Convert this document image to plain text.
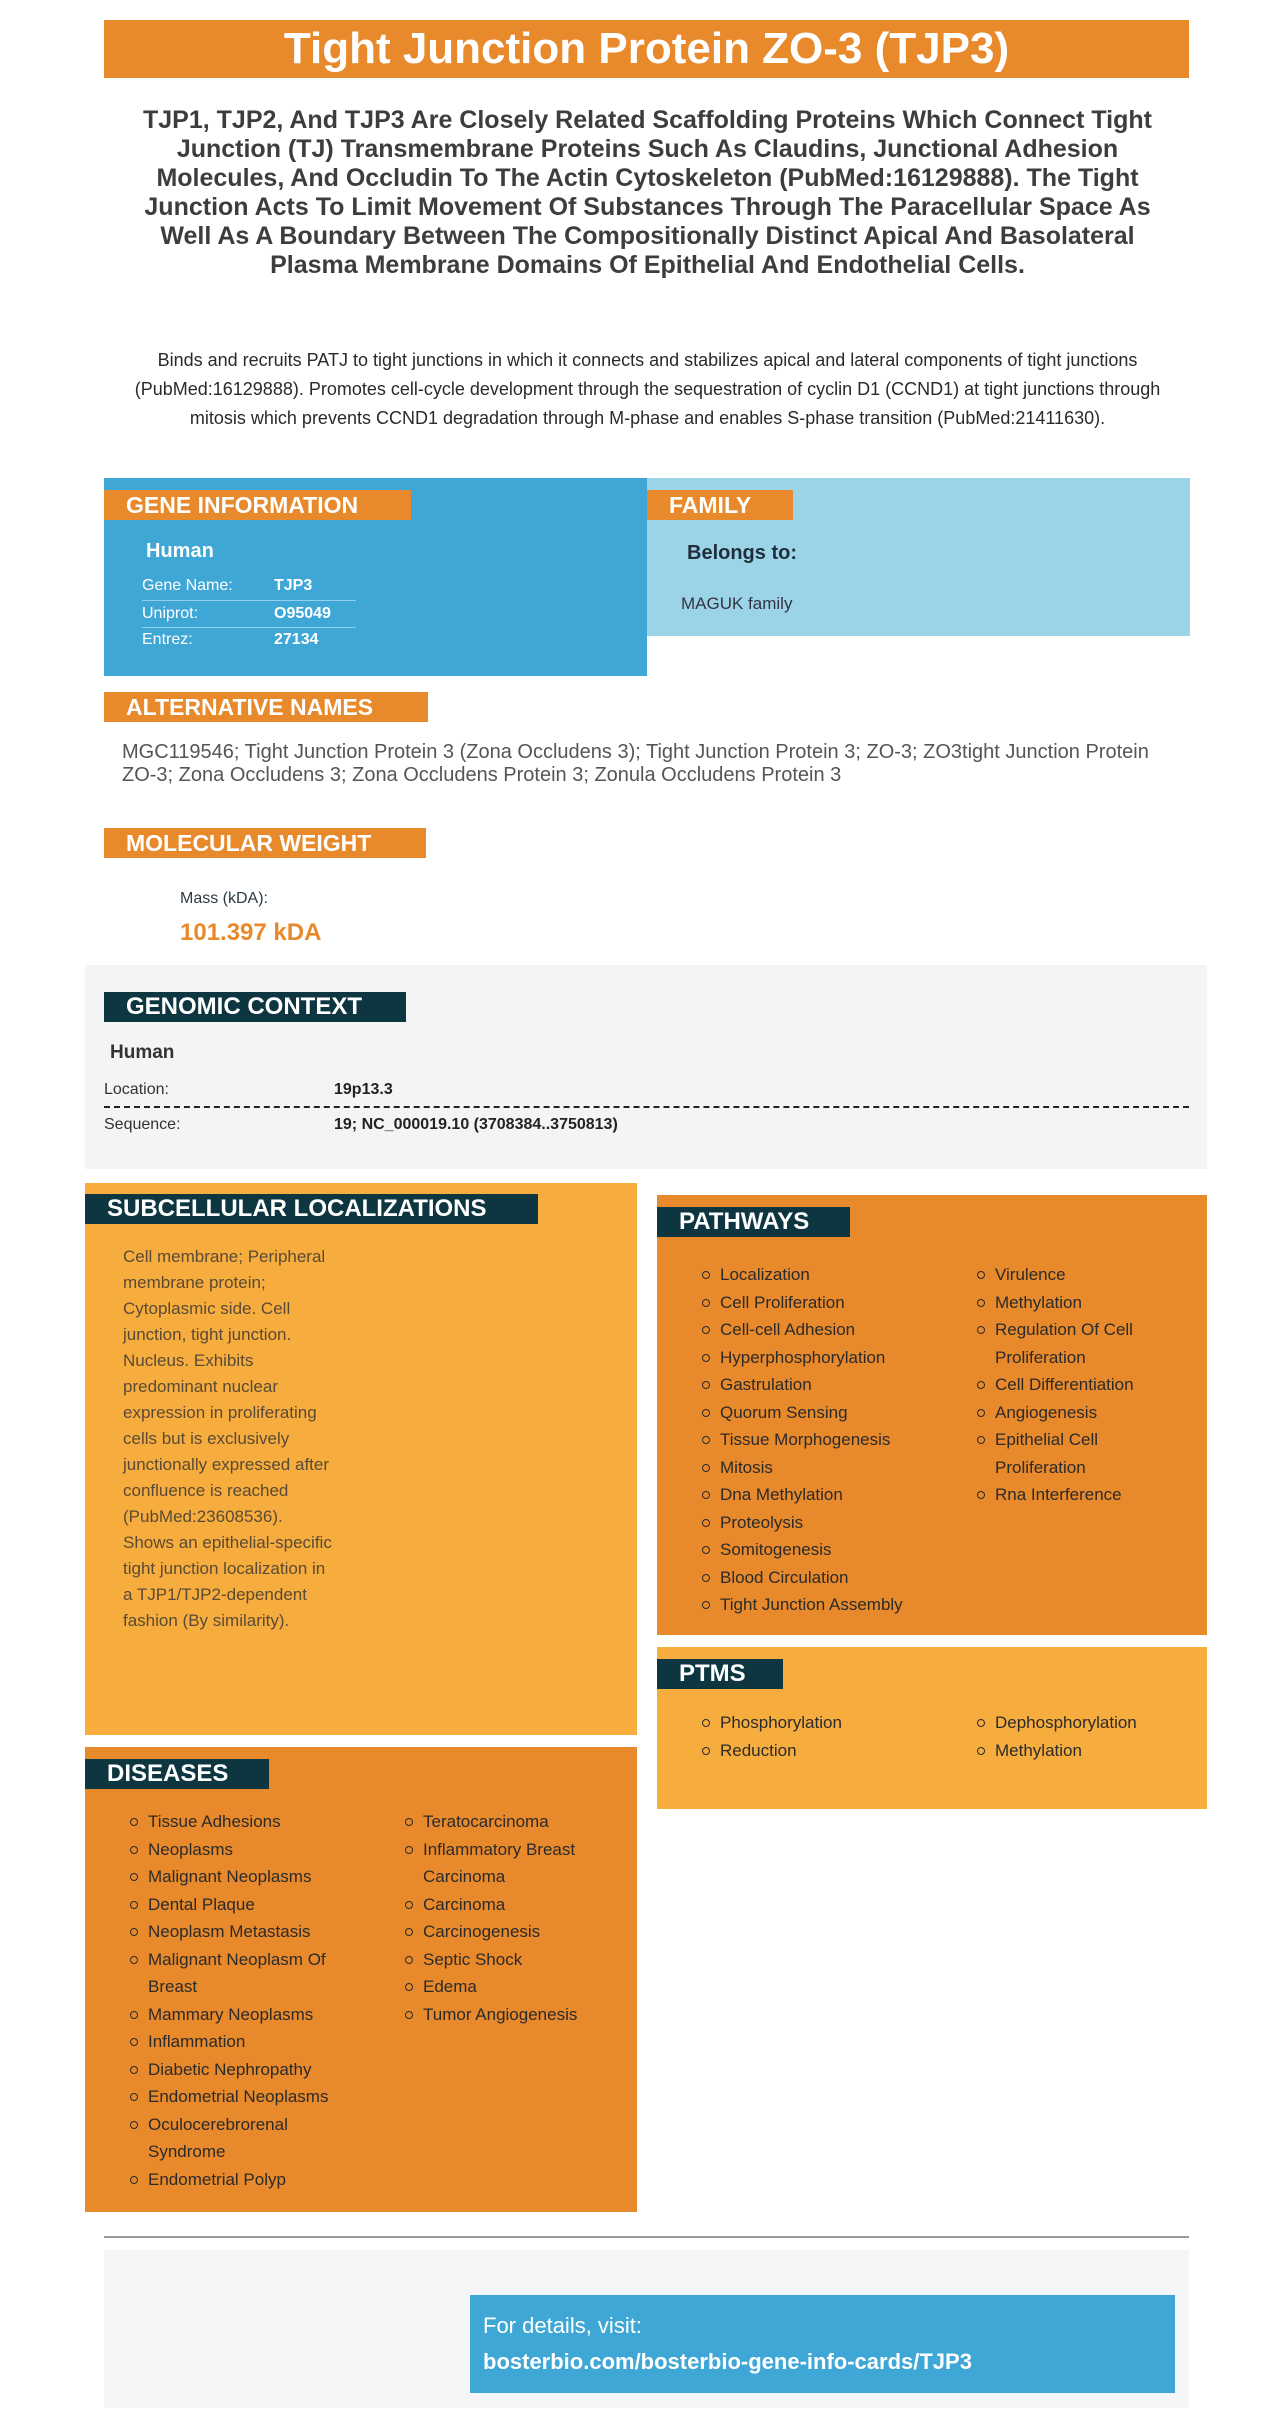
Tight Junction Protein ZO-3 (TJP3)
TJP1, TJP2, And TJP3 Are Closely Related Scaffolding Proteins Which Connect Tight Junction (TJ) Transmembrane Proteins Such As Claudins, Junctional Adhesion Molecules, And Occludin To The Actin Cytoskeleton (PubMed:16129888). The Tight Junction Acts To Limit Movement Of Substances Through The Paracellular Space As Well As A Boundary Between The Compositionally Distinct Apical And Basolateral Plasma Membrane Domains Of Epithelial And Endothelial Cells.
Binds and recruits PATJ to tight junctions in which it connects and stabilizes apical and lateral components of tight junctions (PubMed:16129888). Promotes cell-cycle development through the sequestration of cyclin D1 (CCND1) at tight junctions through mitosis which prevents CCND1 degradation through M-phase and enables S-phase transition (PubMed:21411630).
GENE INFORMATION
Human
Gene Name:	TJP3
Uniprot:	O95049
Entrez:	27134
FAMILY
Belongs to:
MAGUK family
ALTERNATIVE NAMES
MGC119546; Tight Junction Protein 3 (Zona Occludens 3); Tight Junction Protein 3; ZO-3; ZO3tight Junction Protein ZO-3; Zona Occludens 3; Zona Occludens Protein 3; Zonula Occludens Protein 3
MOLECULAR WEIGHT
Mass (kDA):
101.397 kDA
GENOMIC CONTEXT
Human
Location:	19p13.3
Sequence:	19; NC_000019.10 (3708384..3750813)
SUBCELLULAR LOCALIZATIONS
Cell membrane; Peripheral membrane protein; Cytoplasmic side. Cell junction, tight junction. Nucleus. Exhibits predominant nuclear expression in proliferating cells but is exclusively junctionally expressed after confluence is reached (PubMed:23608536). Shows an epithelial-specific tight junction localization in a TJP1/TJP2-dependent fashion (By similarity).
PATHWAYS
Localization
Cell Proliferation
Cell-cell Adhesion
Hyperphosphorylation
Gastrulation
Quorum Sensing
Tissue Morphogenesis
Mitosis
Dna Methylation
Proteolysis
Somitogenesis
Blood Circulation
Tight Junction Assembly
Virulence
Methylation
Regulation Of Cell Proliferation
Cell Differentiation
Angiogenesis
Epithelial Cell Proliferation
Rna Interference
PTMS
Phosphorylation
Reduction
Dephosphorylation
Methylation
DISEASES
Tissue Adhesions
Neoplasms
Malignant Neoplasms
Dental Plaque
Neoplasm Metastasis
Malignant Neoplasm Of Breast
Mammary Neoplasms
Inflammation
Diabetic Nephropathy
Endometrial Neoplasms
Oculocerebrorenal Syndrome
Endometrial Polyp
Teratocarcinoma
Inflammatory Breast Carcinoma
Carcinoma
Carcinogenesis
Septic Shock
Edema
Tumor Angiogenesis
For details, visit:
bosterbio.com/bosterbio-gene-info-cards/TJP3
